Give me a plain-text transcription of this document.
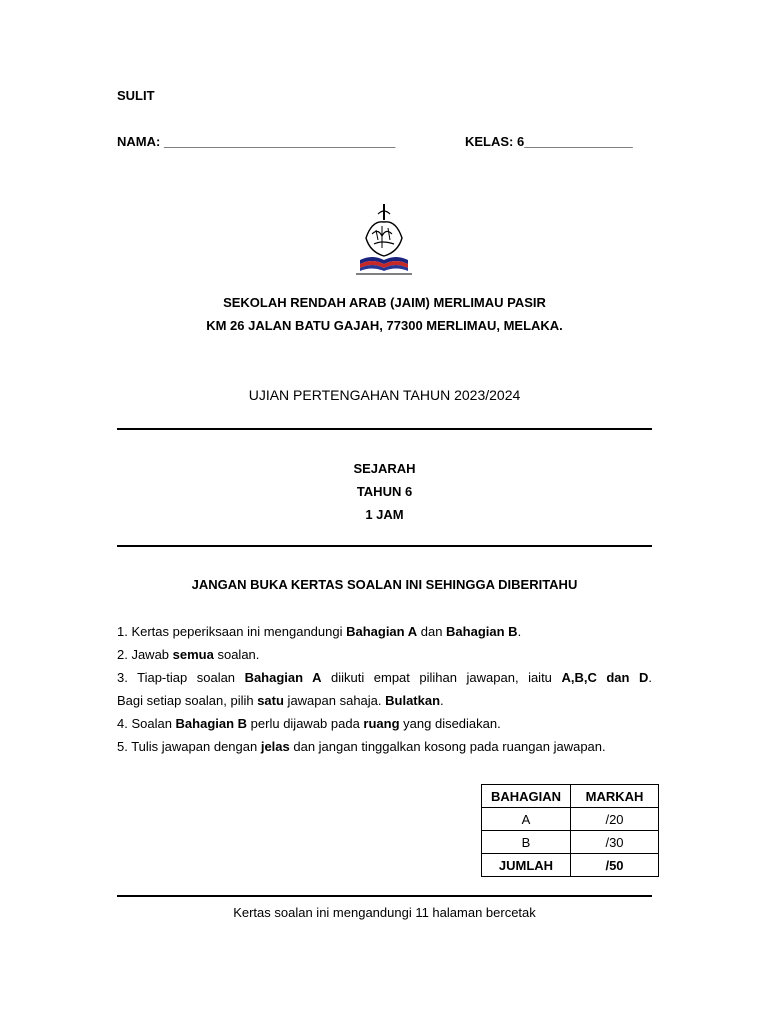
SULIT
NAMA: ________________________________	KELAS: 6_______________
SEKOLAH RENDAH ARAB (JAIM) MERLIMAU PASIR
KM 26 JALAN BATU GAJAH, 77300 MERLIMAU, MELAKA.
UJIAN PERTENGAHAN TAHUN 2023/2024
SEJARAH
TAHUN 6
1 JAM
JANGAN BUKA KERTAS SOALAN INI SEHINGGA DIBERITAHU

1. Kertas peperiksaan ini mengandungi Bahagian A dan Bahagian B.

2. Jawab semua soalan.

3. Tiap-tiap soalan Bahagian A diikuti empat pilihan jawapan, iaitu A,B,C dan D.

Bagi setiap soalan, pilih satu jawapan sahaja. Bulatkan.

4. Soalan Bahagian B perlu dijawab pada ruang yang disediakan.

5. Tulis jawapan dengan jelas dan jangan tinggalkan kosong pada ruangan jawapan.

BAHAGIAN	MARKAH
A	/20
B	/30
JUMLAH	/50
Kertas soalan ini mengandungi 11 halaman bercetak
